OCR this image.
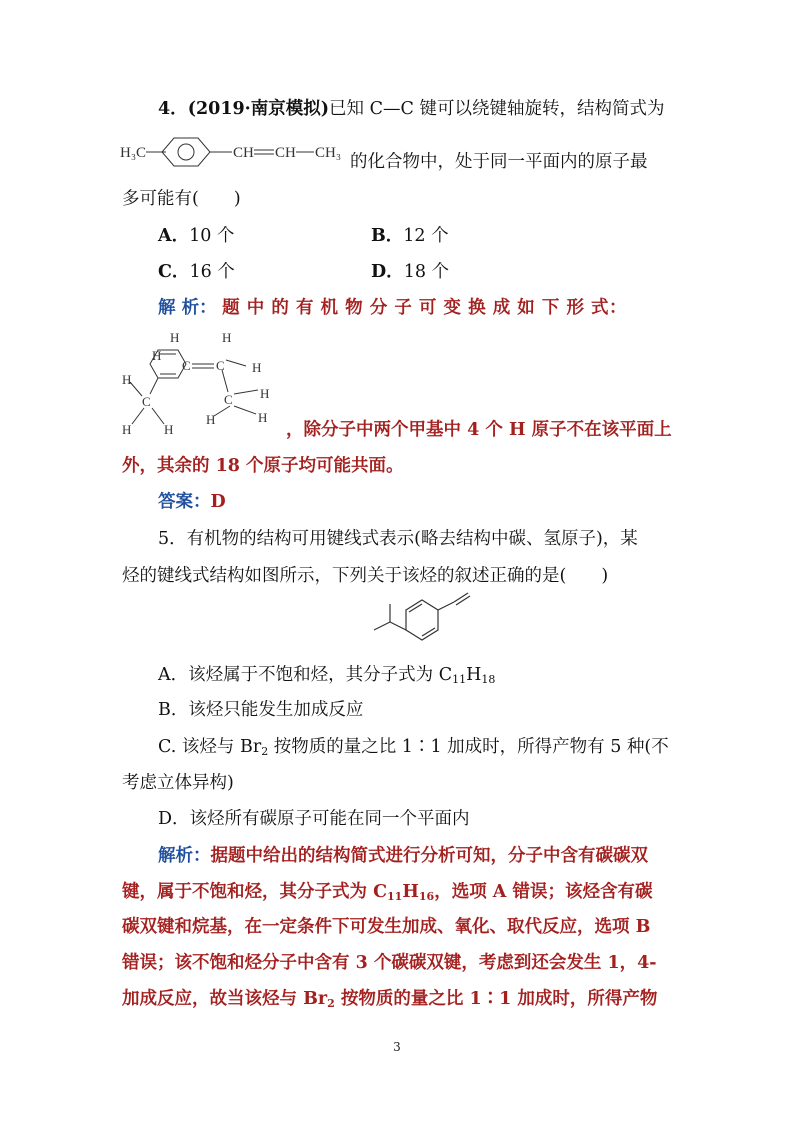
4．(2019·南京模拟)已知 C—C 键可以绕键轴旋转，结构简式为
H₃C	CH CH CH₃ 的化合物中，处于同一平面内的原子最
多可能有(　　)
A．10 个	B．12 个
C．16 个	D．18 个
解 析： 题 中 的 有 机 物 分 子 可 变 换 成 如 下 形 式：
H	H
H
C C H
H
H
C	C
H	H
H	H
，除分子中两个甲基中 4 个 H 原子不在该平面上
外，其余的 18 个原子均可能共面。
答案：D
5．有机物的结构可用键线式表示(略去结构中碳、氢原子)，某
烃的键线式结构如图所示，下列关于该烃的叙述正确的是(　　)
A．该烃属于不饱和烃，其分子式为 $C_{11}H_{18}$
B．该烃只能发生加成反应
C. 该烃与 $Br_2$ 按物质的量之比 1∶1 加成时，所得产物有 5 种(不
考虑立体异构)
D．该烃所有碳原子可能在同一个平面内
解析：据题中给出的结构简式进行分析可知，分子中含有碳碳双
键，属于不饱和烃，其分子式为 $C_{11}H_{16}$，选项 A 错误；该烃含有碳
碳双键和烷基，在一定条件下可发生加成、氧化、取代反应，选项 B
错误；该不饱和烃分子中含有 3 个碳碳双键，考虑到还会发生 1，4-
加成反应，故当该烃与 $Br_2$ 按物质的量之比 1∶1 加成时，所得产物
3
